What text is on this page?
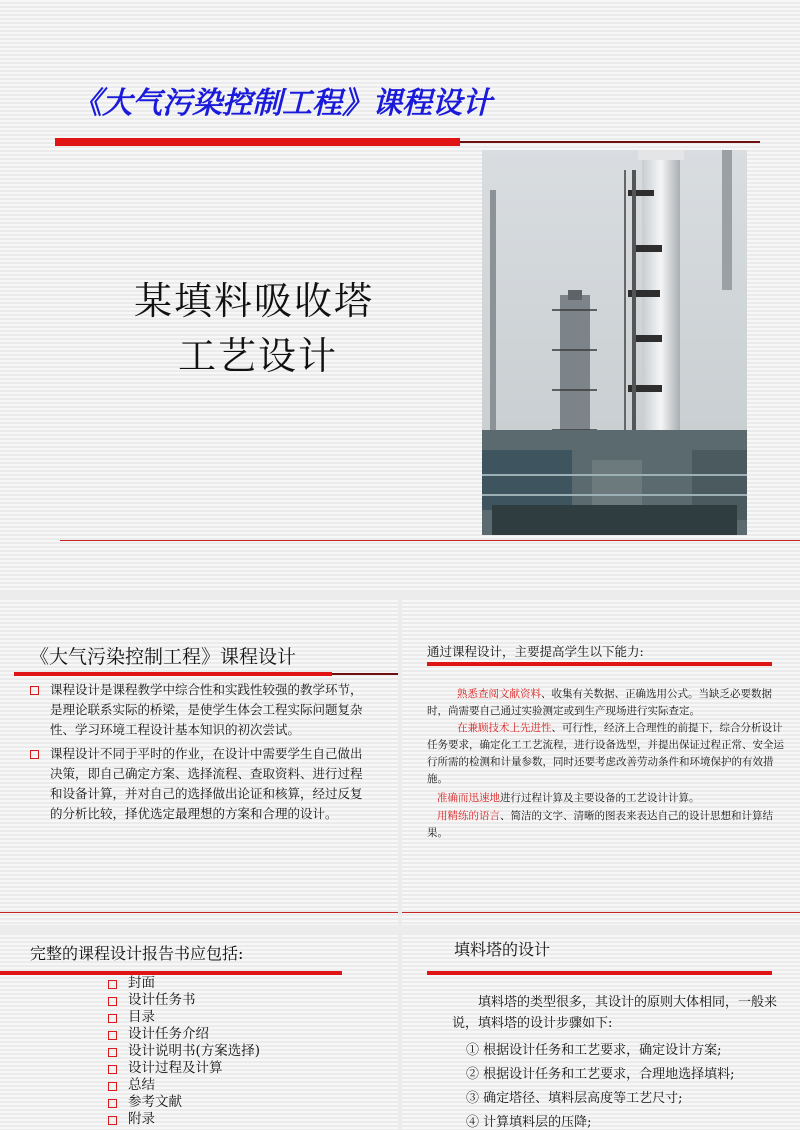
《大气污染控制工程》课程设计
某填料吸收塔
工艺设计
《大气污染控制工程》课程设计
课程设计是课程教学中综合性和实践性较强的教学环节，是理论联系实际的桥梁，是使学生体会工程实际问题复杂性、学习环境工程设计基本知识的初次尝试。
课程设计不同于平时的作业，在设计中需要学生自己做出决策，即自己确定方案、选择流程、查取资料、进行过程和设备计算，并对自己的选择做出论证和核算，经过反复的分析比较，择优选定最理想的方案和合理的设计。
通过课程设计，主要提高学生以下能力:
熟悉查阅文献资料、收集有关数据、正确选用公式。当缺乏必要数据时，尚需要自己通过实验测定或到生产现场进行实际查定。
在兼顾技术上先进性、可行性，经济上合理性的前提下，综合分析设计任务要求，确定化工工艺流程，进行设备选型，并提出保证过程正常、安全运行所需的检测和计量参数，同时还要考虑改善劳动条件和环境保护的有效措施。
准确而迅速地进行过程计算及主要设备的工艺设计计算。
用精练的语言、简洁的文字、清晰的图表来表达自己的设计思想和计算结果。
完整的课程设计报告书应包括:
封面
设计任务书
目录
设计任务介绍
设计说明书(方案选择)
设计过程及计算
总结
参考文献
附录
填料塔的设计
填料塔的类型很多，其设计的原则大体相同，一般来说，填料塔的设计步骤如下:
① 根据设计任务和工艺要求，确定设计方案;
② 根据设计任务和工艺要求，合理地选择填料;
③ 确定塔径、填料层高度等工艺尺寸;
④ 计算填料层的压降;
